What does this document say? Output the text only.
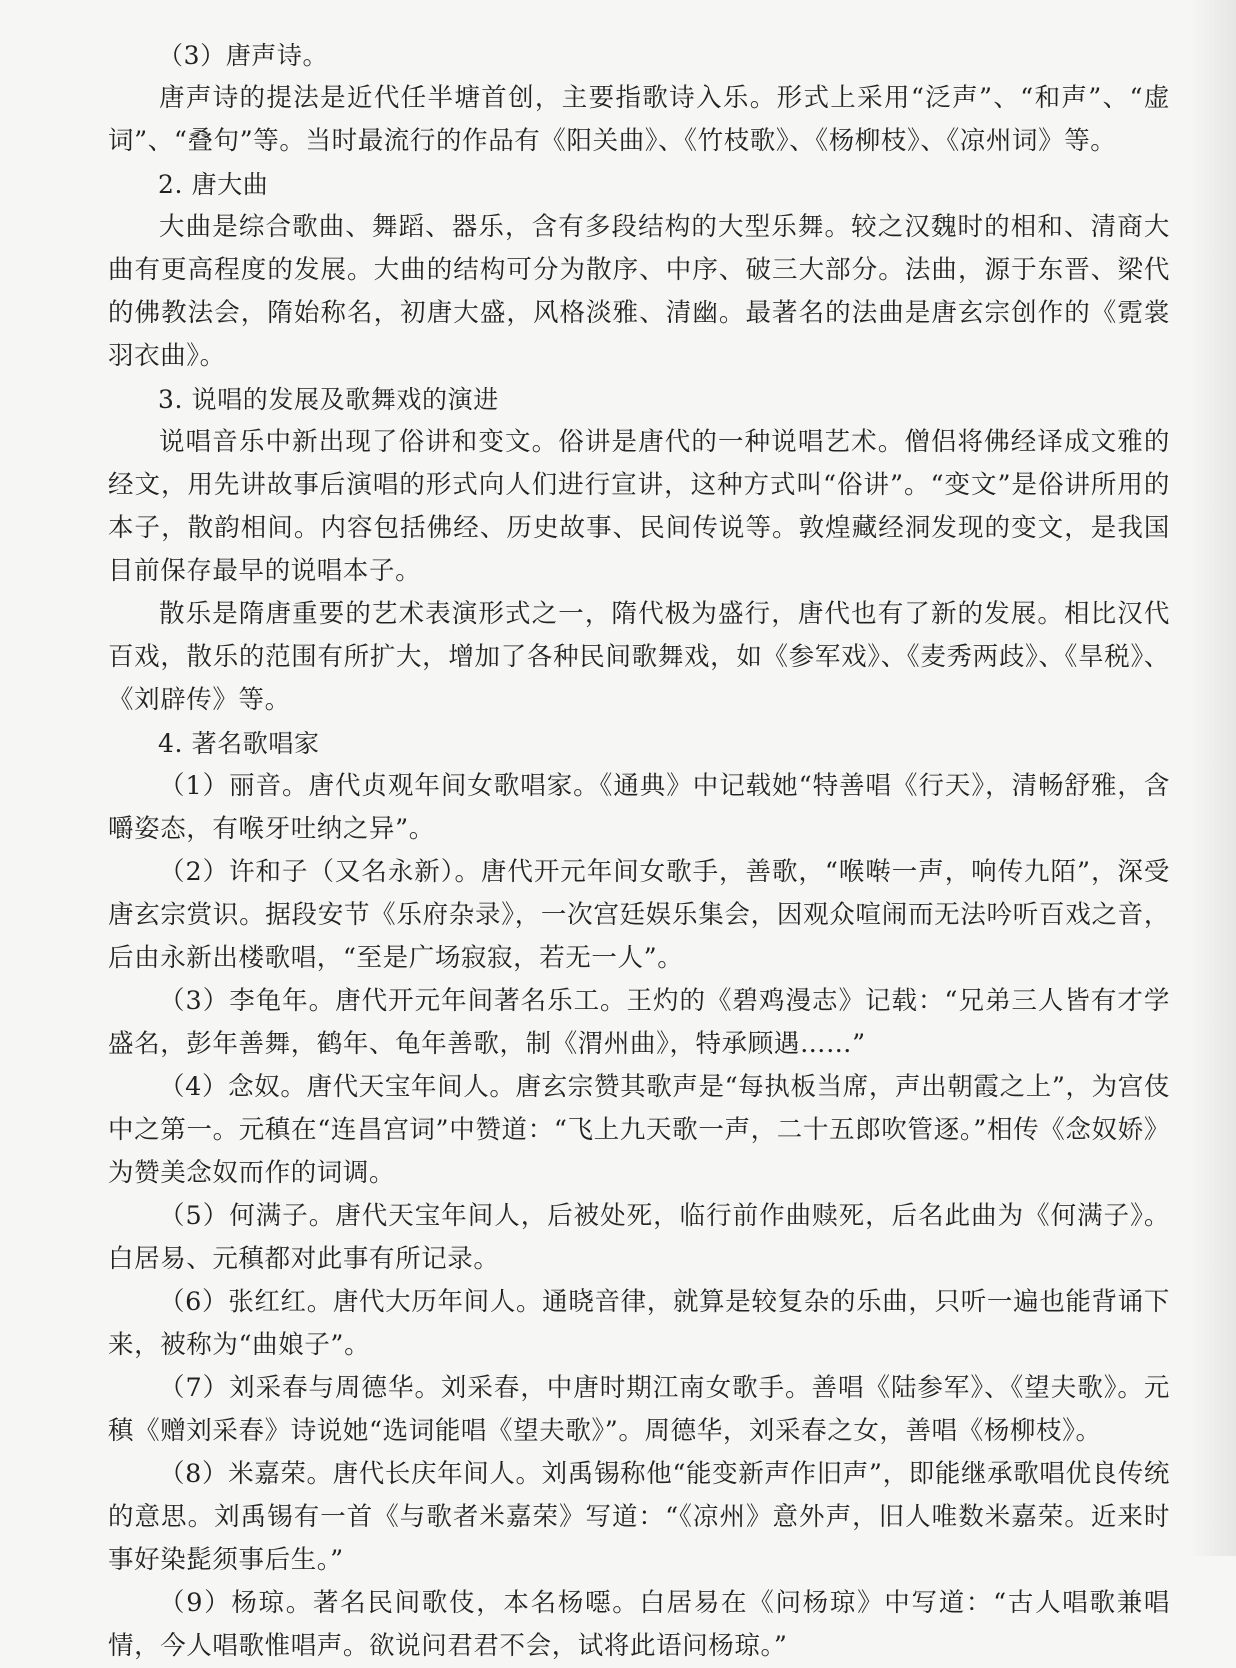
（3）唐声诗。

唐声诗的提法是近代任半塘首创，主要指歌诗入乐。形式上采用“泛声”、“和声”、“虚词”、“叠句”等。当时最流行的作品有《阳关曲》、《竹枝歌》、《杨柳枝》、《凉州词》等。

2. 唐大曲

大曲是综合歌曲、舞蹈、器乐，含有多段结构的大型乐舞。较之汉魏时的相和、清商大曲有更高程度的发展。大曲的结构可分为散序、中序、破三大部分。法曲，源于东晋、梁代的佛教法会，隋始称名，初唐大盛，风格淡雅、清幽。最著名的法曲是唐玄宗创作的《霓裳羽衣曲》。

3. 说唱的发展及歌舞戏的演进

说唱音乐中新出现了俗讲和变文。俗讲是唐代的一种说唱艺术。僧侣将佛经译成文雅的经文，用先讲故事后演唱的形式向人们进行宣讲，这种方式叫“俗讲”。“变文”是俗讲所用的本子，散韵相间。内容包括佛经、历史故事、民间传说等。敦煌藏经洞发现的变文，是我国目前保存最早的说唱本子。

散乐是隋唐重要的艺术表演形式之一，隋代极为盛行，唐代也有了新的发展。相比汉代百戏，散乐的范围有所扩大，增加了各种民间歌舞戏，如《参军戏》、《麦秀两歧》、《旱税》、《刘辟传》等。

4. 著名歌唱家

（1）丽音。唐代贞观年间女歌唱家。《通典》中记载她“特善唱《行天》，清畅舒雅，含嚼姿态，有喉牙吐纳之异”。

（2）许和子（又名永新）。唐代开元年间女歌手，善歌，“喉啭一声，响传九陌”，深受唐玄宗赏识。据段安节《乐府杂录》，一次宫廷娱乐集会，因观众喧闹而无法吟听百戏之音，后由永新出楼歌唱，“至是广场寂寂，若无一人”。

（3）李龟年。唐代开元年间著名乐工。王灼的《碧鸡漫志》记载：“兄弟三人皆有才学盛名，彭年善舞，鹤年、龟年善歌，制《渭州曲》，特承顾遇……”

（4）念奴。唐代天宝年间人。唐玄宗赞其歌声是“每执板当席，声出朝霞之上”，为宫伎中之第一。元稹在“连昌宫词”中赞道：“飞上九天歌一声，二十五郎吹管逐。”相传《念奴娇》为赞美念奴而作的词调。

（5）何满子。唐代天宝年间人，后被处死，临行前作曲赎死，后名此曲为《何满子》。白居易、元稹都对此事有所记录。

（6）张红红。唐代大历年间人。通晓音律，就算是较复杂的乐曲，只听一遍也能背诵下来，被称为“曲娘子”。

（7）刘采春与周德华。刘采春，中唐时期江南女歌手。善唱《陆参军》、《望夫歌》。元稹《赠刘采春》诗说她“选词能唱《望夫歌》”。周德华，刘采春之女，善唱《杨柳枝》。

（8）米嘉荣。唐代长庆年间人。刘禹锡称他“能变新声作旧声”，即能继承歌唱优良传统的意思。刘禹锡有一首《与歌者米嘉荣》写道：“《凉州》意外声，旧人唯数米嘉荣。近来时事好染髭须事后生。”

（9）杨琼。著名民间歌伎，本名杨噁。白居易在《问杨琼》中写道：“古人唱歌兼唱情，今人唱歌惟唱声。欲说问君君不会，试将此语问杨琼。”
